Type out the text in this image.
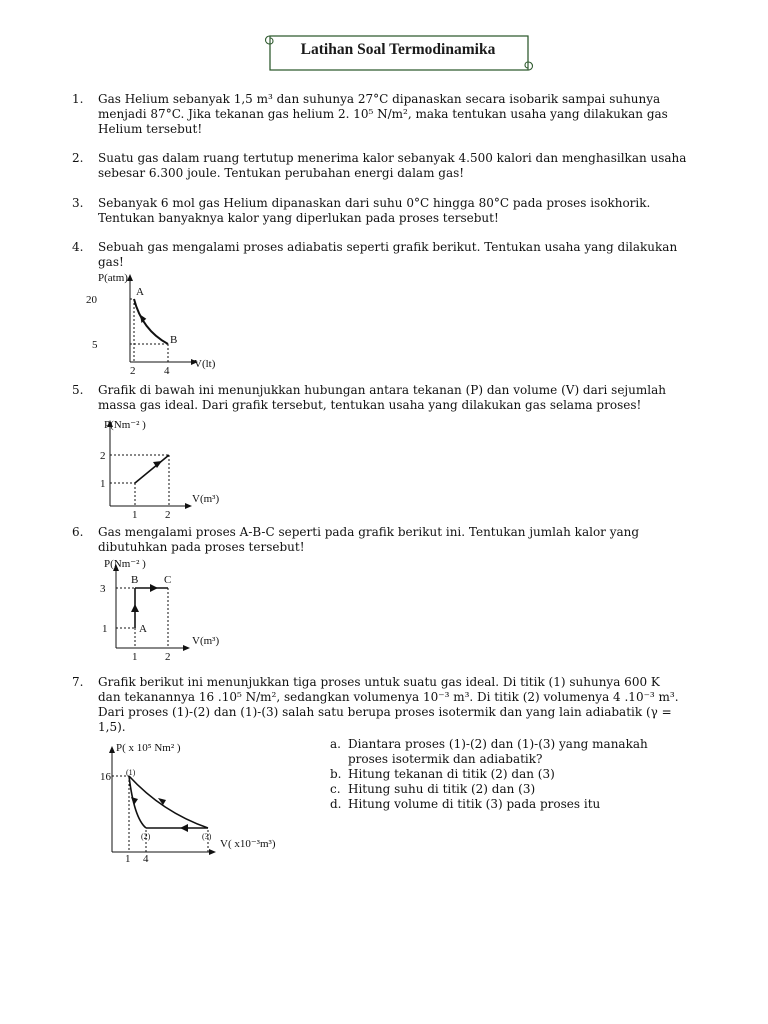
Latihan Soal Termodinamika
1. Gas Helium sebanyak 1,5 m³ dan suhunya 27°C dipanaskan secara isobarik sampai suhunya
menjadi 87°C. Jika tekanan gas helium 2. 10⁵ N/m², maka tentukan usaha yang dilakukan gas
Helium tersebut!
2. Suatu gas dalam ruang tertutup menerima kalor sebanyak 4.500 kalori dan menghasilkan usaha
sebesar 6.300 joule. Tentukan perubahan energi dalam gas!
3. Sebanyak 6 mol gas Helium dipanaskan dari suhu 0°C hingga 80°C pada proses isokhorik.
Tentukan banyaknya kalor yang diperlukan pada proses tersebut!
4. Sebuah gas mengalami proses adiabatis seperti grafik berikut. Tentukan usaha yang dilakukan
gas!
P(atm)
V(lt)
20
5
2	4
A
B
5. Grafik di bawah ini menunjukkan hubungan antara tekanan (P) dan volume (V) dari sejumlah
massa gas ideal. Dari grafik tersebut, tentukan usaha yang dilakukan gas selama proses!
P(Nm⁻² )
V(m³)
2
1
1	2
6. Gas mengalami proses A-B-C seperti pada grafik berikut ini. Tentukan jumlah kalor yang
dibutuhkan pada proses tersebut!
P(Nm⁻² )
V(m³)
3
1
1	2
B C
A
7. Grafik berikut ini menunjukkan tiga proses untuk suatu gas ideal. Di titik (1) suhunya 600 K
dan tekanannya 16 .10⁵ N/m², sedangkan volumenya 10⁻³ m³. Di titik (2) volumenya 4 .10⁻³ m³.
Dari proses (1)-(2) dan (1)-(3) salah satu berupa proses isotermik dan yang lain adiabatik (γ =
1,5).
P( x 10⁵ Nm² )
V( x10⁻³m³)
16
1 4
(1)
(2)	(3)
a. Diantara proses (1)-(2) dan (1)-(3) yang manakah
proses isotermik dan adiabatik?
b. Hitung tekanan di titik (2) dan (3)
c. Hitung suhu di titik (2) dan (3)
d. Hitung volume di titik (3) pada proses itu
